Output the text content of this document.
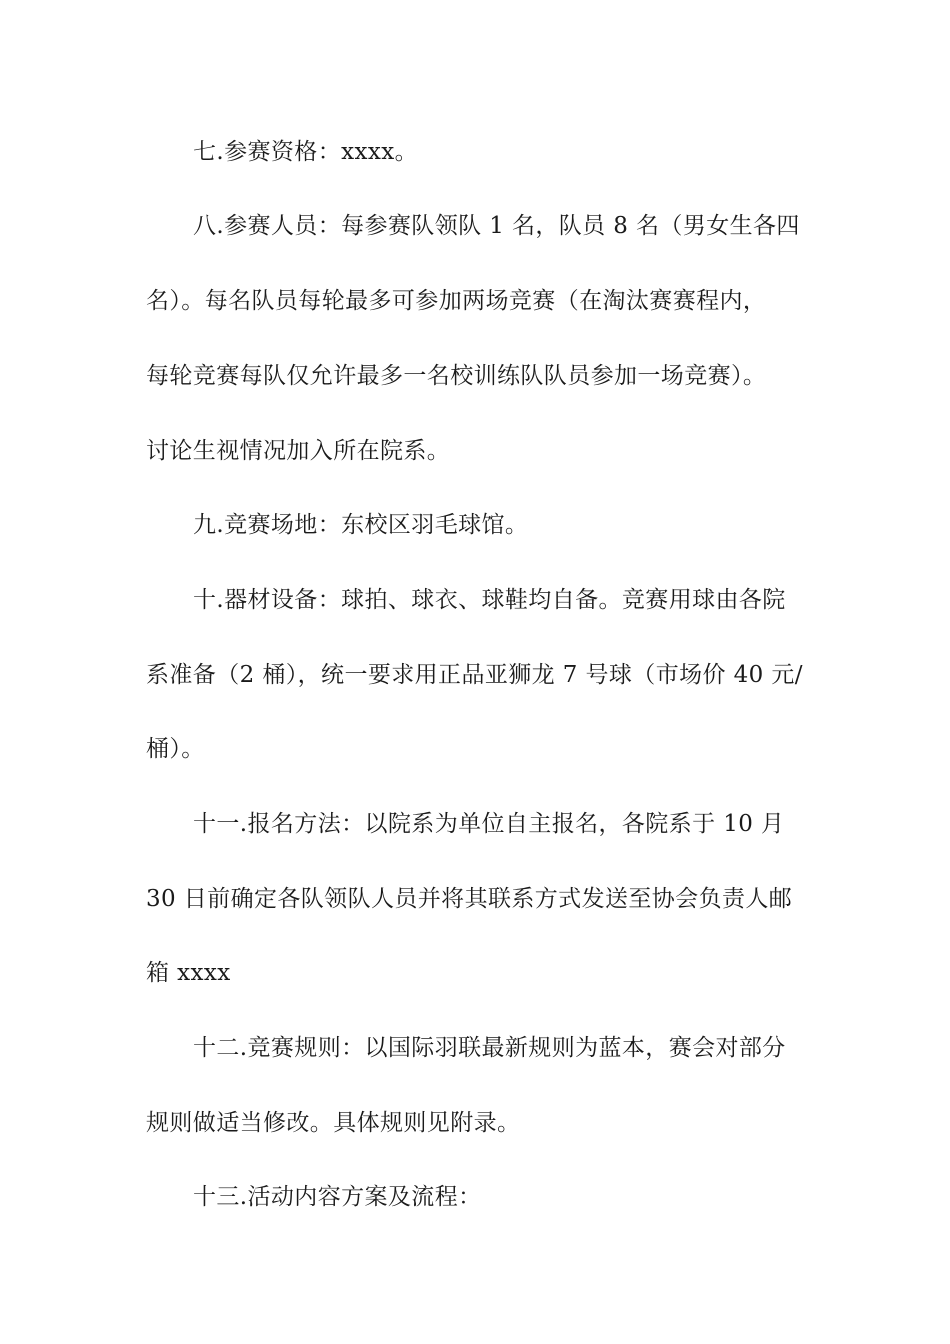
七.参赛资格：xxxx。
八.参赛人员：每参赛队领队 1 名，队员 8 名（男女生各四
名）。每名队员每轮最多可参加两场竞赛（在淘汰赛赛程内，
每轮竞赛每队仅允许最多一名校训练队队员参加一场竞赛）。
讨论生视情况加入所在院系。
九.竞赛场地：东校区羽毛球馆。
十.器材设备：球拍、球衣、球鞋均自备。竞赛用球由各院
系准备（2 桶），统一要求用正品亚狮龙 7 号球（市场价 40 元/
桶）。
十一.报名方法：以院系为单位自主报名，各院系于 10 月
30 日前确定各队领队人员并将其联系方式发送至协会负责人邮
箱 xxxx
十二.竞赛规则：以国际羽联最新规则为蓝本，赛会对部分
规则做适当修改。具体规则见附录。
十三.活动内容方案及流程：
